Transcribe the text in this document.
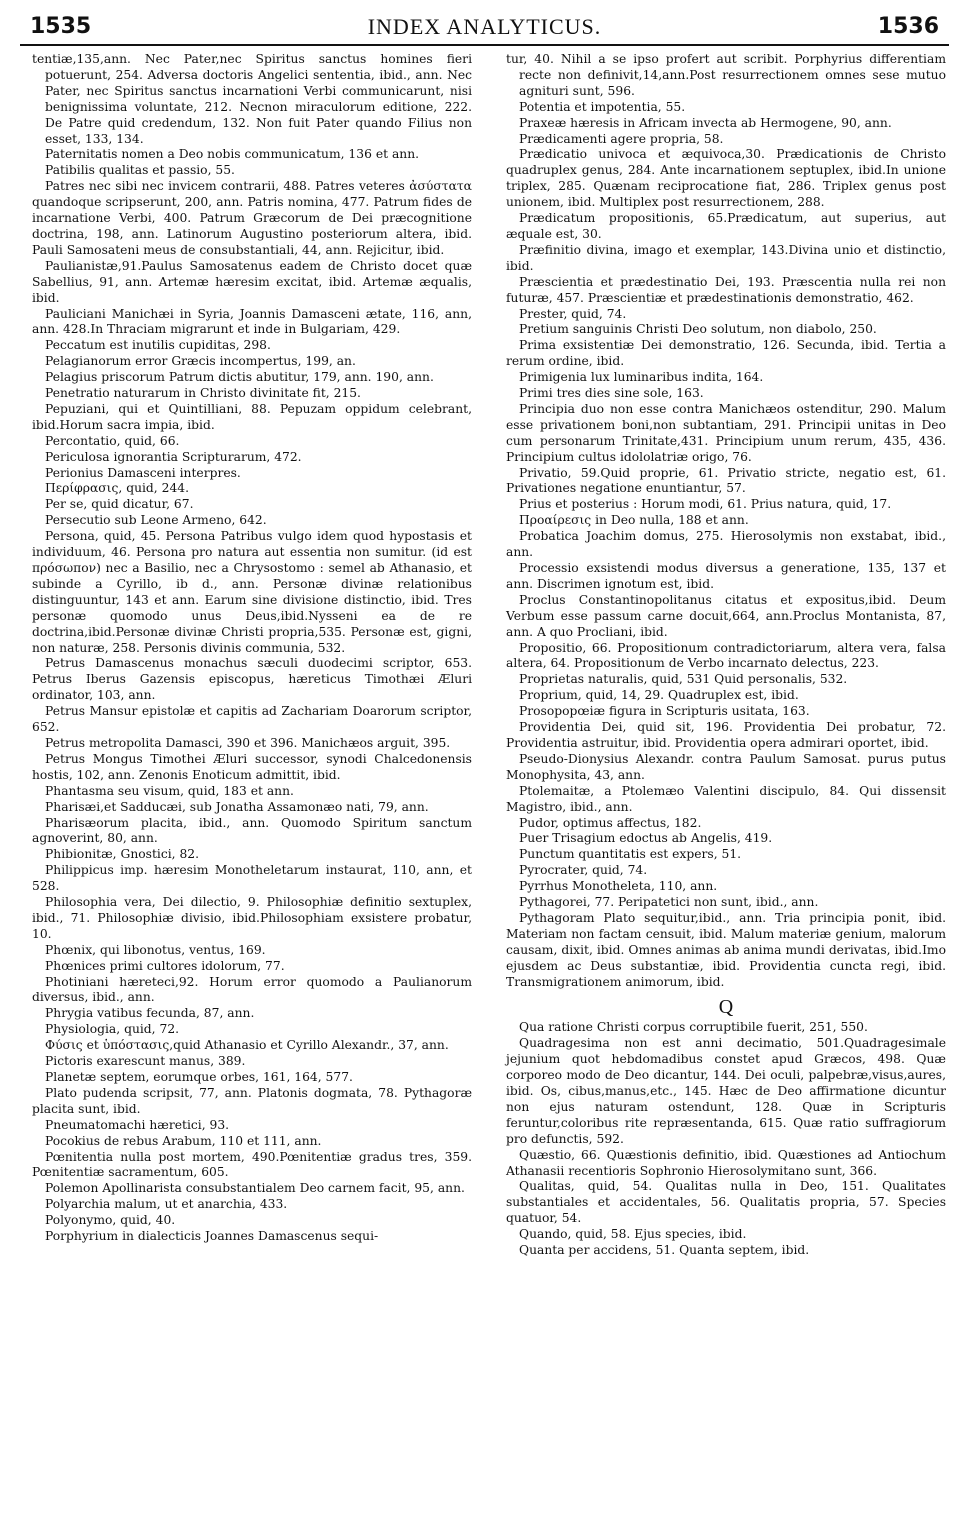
1535	INDEX ANALYTICUS.	1536

tentiæ,135,ann. Nec Pater,nec Spiritus sanctus homines fieri potuerunt, 254. Adversa doctoris Angelici sententia, ibid., ann. Nec Pater, nec Spiritus sanctus incarnationi Verbi communicarunt, nisi benignissima voluntate, 212. Necnon miraculorum editione, 222. De Patre quid credendum, 132. Non fuit Pater quando Filius non esset, 133, 134.

Paternitatis nomen a Deo nobis communicatum, 136 et ann.

Patibilis qualitas et passio, 55.

Patres nec sibi nec invicem contrarii, 488. Patres veteres ἀσύστατα quandoque scripserunt, 200, ann. Patris nomina, 477. Patrum fides de incarnatione Verbi, 400. Patrum Græcorum de Dei præcognitione doctrina, 198, ann. Latinorum Augustino posteriorum altera, ibid. Pauli Samosateni meus de consubstantiali, 44, ann. Rejicitur, ibid.

Paulianistæ,91.Paulus Samosatenus eadem de Christo docet quæ Sabellius, 91, ann. Artemæ hæresim excitat, ibid. Artemæ æqualis, ibid.

Pauliciani Manichæi in Syria, Joannis Damasceni ætate, 116, ann, ann. 428.In Thraciam migrarunt et inde in Bulgariam, 429.

Peccatum est inutilis cupiditas, 298.

Pelagianorum error Græcis incompertus, 199, an.

Pelagius priscorum Patrum dictis abutitur, 179, ann. 190, ann.

Penetratio naturarum in Christo divinitate fit, 215.

Pepuziani, qui et Quintilliani, 88. Pepuzam oppidum celebrant, ibid.Horum sacra impia, ibid.

Percontatio, quid, 66.

Periculosa ignorantia Scripturarum, 472.

Perionius Damasceni interpres.

Περίφρασις, quid, 244.

Per se, quid dicatur, 67.

Persecutio sub Leone Armeno, 642.

Persona, quid, 45. Persona Patribus vulgo idem quod hypostasis et individuum, 46. Persona pro natura aut essentia non sumitur. (id est πρόσωπον) nec a Basilio, nec a Chrysostomo : semel ab Athanasio, et subinde a Cyrillo, ib d., ann. Personæ divinæ relationibus distinguuntur, 143 et ann. Earum sine divisione distinctio, ibid. Tres personæ quomodo unus Deus,ibid.Nysseni ea de re doctrina,ibid.Personæ divinæ Christi propria,535. Personæ est, gigni, non naturæ, 258. Personis divinis communia, 532.

Petrus Damascenus monachus sæculi duodecimi scriptor, 653. Petrus Iberus Gazensis episcopus, hæreticus Timothæi Æluri ordinator, 103, ann.

Petrus Mansur epistolæ et capitis ad Zachariam Doarorum scriptor, 652.

Petrus metropolita Damasci, 390 et 396. Manichæos arguit, 395.

Petrus Mongus Timothei Æluri successor, synodi Chalcedonensis hostis, 102, ann. Zenonis Enoticum admittit, ibid.

Phantasma seu visum, quid, 183 et ann.

Pharisæi,et Sadducæi, sub Jonatha Assamonæo nati, 79, ann.

Pharisæorum placita, ibid., ann. Quomodo Spiritum sanctum agnoverint, 80, ann.

Phibionitæ, Gnostici, 82.

Philippicus imp. hæresim Monotheletarum instaurat, 110, ann, et 528.

Philosophia vera, Dei dilectio, 9. Philosophiæ definitio sextuplex, ibid., 71. Philosophiæ divisio, ibid.Philosophiam exsistere probatur, 10.

Phœnix, qui libonotus, ventus, 169.

Phœnices primi cultores idolorum, 77.

Photiniani hæreteci,92. Horum error quomodo a Paulianorum diversus, ibid., ann.

Phrygia vatibus fecunda, 87, ann.

Physiologia, quid, 72.

Φύσις et ὑπόστασις,quid Athanasio et Cyrillo Alexandr., 37, ann.

Pictoris exarescunt manus, 389.

Planetæ septem, eorumque orbes, 161, 164, 577.

Plato pudenda scripsit, 77, ann. Platonis dogmata, 78. Pythagoræ placita sunt, ibid.

Pneumatomachi hæretici, 93.

Pocokius de rebus Arabum, 110 et 111, ann.

Pœnitentia nulla post mortem, 490.Pœnitentiæ gradus tres, 359. Pœnitentiæ sacramentum, 605.

Polemon Apollinarista consubstantialem Deo carnem facit, 95, ann.

Polyarchia malum, ut et anarchia, 433.

Polyonymo, quid, 40.

Porphyrium in dialecticis Joannes Damascenus sequi-

tur, 40. Nihil a se ipso profert aut scribit. Porphyrius differentiam recte non definivit,14,ann.Post resurrectionem omnes sese mutuo agnituri sunt, 596.

Potentia et impotentia, 55.

Praxeæ hæresis in Africam invecta ab Hermogene, 90, ann.

Prædicamenti agere propria, 58.

Prædicatio univoca et æquivoca,30. Prædicationis de Christo quadruplex genus, 284. Ante incarnationem septuplex, ibid.In unione triplex, 285. Quænam reciprocatione fiat, 286. Triplex genus post unionem, ibid. Multiplex post resurrectionem, 288.

Prædicatum propositionis, 65.Prædicatum, aut superius, aut æquale est, 30.

Præfinitio divina, imago et exemplar, 143.Divina unio et distinctio, ibid.

Præscientia et prædestinatio Dei, 193. Præscentia nulla rei non futuræ, 457. Præscientiæ et prædestinationis demonstratio, 462.

Prester, quid, 74.

Pretium sanguinis Christi Deo solutum, non diabolo, 250.

Prima exsistentiæ Dei demonstratio, 126. Secunda, ibid. Tertia a rerum ordine, ibid.

Primigenia lux luminaribus indita, 164.

Primi tres dies sine sole, 163.

Principia duo non esse contra Manichæos ostenditur, 290. Malum esse privationem boni,non subtantiam, 291. Principii unitas in Deo cum personarum Trinitate,431. Principium unum rerum, 435, 436. Principium cultus idololatriæ origo, 76.

Privatio, 59.Quid proprie, 61. Privatio stricte, negatio est, 61. Privationes negatione enuntiantur, 57.

Prius et posterius : Horum modi, 61. Prius natura, quid, 17.

Προαίρεσις in Deo nulla, 188 et ann.

Probatica Joachim domus, 275. Hierosolymis non exstabat, ibid., ann.

Processio exsistendi modus diversus a generatione, 135, 137 et ann. Discrimen ignotum est, ibid.

Proclus Constantinopolitanus citatus et expositus,ibid. Deum Verbum esse passum carne docuit,664, ann.Proclus Montanista, 87, ann. A quo Procliani, ibid.

Propositio, 66. Propositionum contradictoriarum, altera vera, falsa altera, 64. Propositionum de Verbo incarnato delectus, 223.

Proprietas naturalis, quid, 531 Quid personalis, 532.

Proprium, quid, 14, 29. Quadruplex est, ibid.

Prosopopœiæ figura in Scripturis usitata, 163.

Providentia Dei, quid sit, 196. Providentia Dei probatur, 72. Providentia astruitur, ibid. Providentia opera admirari oportet, ibid.

Pseudo-Dionysius Alexandr. contra Paulum Samosat. purus putus Monophysita, 43, ann.

Ptolemaitæ, a Ptolemæo Valentini discipulo, 84. Qui dissensit Magistro, ibid., ann.

Pudor, optimus affectus, 182.

Puer Trisagium edoctus ab Angelis, 419.

Punctum quantitatis est expers, 51.

Pyrocrater, quid, 74.

Pyrrhus Monotheleta, 110, ann.

Pythagorei, 77. Peripatetici non sunt, ibid., ann.

Pythagoram Plato sequitur,ibid., ann. Tria principia ponit, ibid. Materiam non factam censuit, ibid. Malum materiæ genium, malorum causam, dixit, ibid. Omnes animas ab anima mundi derivatas, ibid.Imo ejusdem ac Deus substantiæ, ibid. Providentia cuncta regi, ibid. Transmigrationem animorum, ibid.

Q

Qua ratione Christi corpus corruptibile fuerit, 251, 550.

Quadragesima non est anni decimatio, 501.Quadragesimale jejunium quot hebdomadibus constet apud Græcos, 498. Quæ corporeo modo de Deo dicantur, 144. Dei oculi, palpebræ,visus,aures, ibid. Os, cibus,manus,etc., 145. Hæc de Deo affirmatione dicuntur non ejus naturam ostendunt, 128. Quæ in Scripturis feruntur,coloribus rite repræsentanda, 615. Quæ ratio suffragiorum pro defunctis, 592.

Quæstio, 66. Quæstionis definitio, ibid. Quæstiones ad Antiochum Athanasii recentioris Sophronio Hierosolymitano sunt, 366.

Qualitas, quid, 54. Qualitas nulla in Deo, 151. Qualitates substantiales et accidentales, 56. Qualitatis propria, 57. Species quatuor, 54.

Quando, quid, 58. Ejus species, ibid.

Quanta per accidens, 51. Quanta septem, ibid.
